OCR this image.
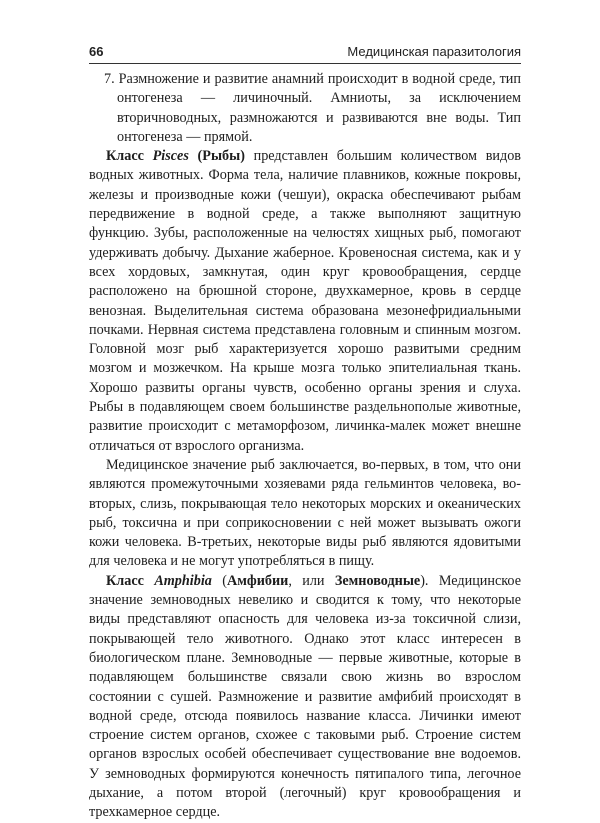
66	Медицинская паразитология

7. Размножение и развитие анамний происходит в водной среде, тип онтогенеза — личиночный. Амниоты, за исключением вторичноводных, размножаются и развиваются вне воды. Тип онтогенеза — прямой.

Класс Pisces (Рыбы) представлен большим количеством видов водных животных. Форма тела, наличие плавников, кожные покровы, железы и производные кожи (чешуи), окраска обеспечивают рыбам передвижение в водной среде, а также выполняют защитную функцию. Зубы, расположенные на челюстях хищных рыб, помогают удерживать добычу. Дыхание жаберное. Кровеносная система, как и у всех хордовых, замкнутая, один круг кровообращения, сердце расположено на брюшной стороне, двухкамерное, кровь в сердце венозная. Выделительная система образована мезонефридиальными почками. Нервная система представлена головным и спинным мозгом. Головной мозг рыб характеризуется хорошо развитыми средним мозгом и мозжечком. На крыше мозга только эпителиальная ткань. Хорошо развиты органы чувств, особенно органы зрения и слуха. Рыбы в подавляющем своем большинстве раздельнополые животные, развитие происходит с метаморфозом, личинка-малек может внешне отличаться от взрослого организма.

Медицинское значение рыб заключается, во-первых, в том, что они являются промежуточными хозяевами ряда гельминтов человека, во-вторых, слизь, покрывающая тело некоторых морских и океанических рыб, токсична и при соприкосновении с ней может вызывать ожоги кожи человека. В-третьих, некоторые виды рыб являются ядовитыми для человека и не могут употребляться в пищу.

Класс Amphibia (Амфибии, или Земноводные). Медицинское значение земноводных невелико и сводится к тому, что некоторые виды представляют опасность для человека из-за токсичной слизи, покрывающей тело животного. Однако этот класс интересен в биологическом плане. Земноводные — первые животные, которые в подавляющем большинстве связали свою жизнь во взрослом состоянии с сушей. Размножение и развитие амфибий происходят в водной среде, отсюда появилось название класса. Личинки имеют строение систем органов, схожее с таковыми рыб. Строение систем органов взрослых особей обеспечивает существование вне водоемов. У земноводных формируются конечность пятипалого типа, легочное дыхание, а потом второй (легочный) круг кровообращения и трехкамерное сердце.
